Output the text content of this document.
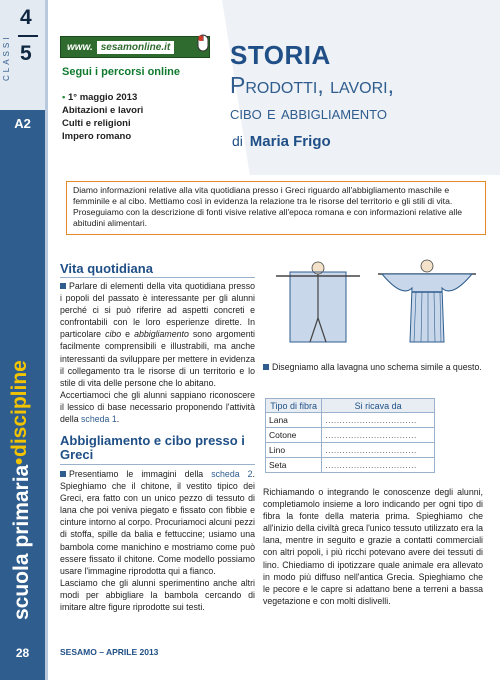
CLASSI
4
5
A2
scuola primaria
•
discipline
28
www. sesamonline.it
Segui i percorsi online
• 1° maggio 2013
Abitazioni e lavori
Culti e religioni
Impero romano
STORIA
Prodotti, lavori,
cibo e abbigliamento
di Maria Frigo

Diamo informazioni relative alla vita quotidiana presso i Greci riguardo all'abbigliamento maschile e femminile e al cibo. Mettiamo così in evidenza la relazione tra le risorse del territorio e gli stili di vita.

Proseguiamo con la descrizione di fonti visive relative all'epoca romana e con informazioni relative alle abitudini alimentari.

Vita quotidiana

Parlare di elementi della vita quotidiana presso i popoli del passato è interessante per gli alunni perché ci si può riferire ad aspetti concreti e confrontabili con le loro esperienze dirette. In particolare cibo e abbigliamento sono argomenti facilmente comprensibili e illustrabili, ma anche interessanti da sviluppare per mettere in evidenza il collegamento tra le risorse di un territorio e lo stile di vita delle persone che lo abitano.

Accertiamoci che gli alunni sappiano riconoscere il lessico di base necessario proponendo l'attività della scheda 1.

Abbigliamento e cibo presso i Greci

Presentiamo le immagini della scheda 2. Spieghiamo che il chitone, il vestito tipico dei Greci, era fatto con un unico pezzo di tessuto di lana che poi veniva piegato e fissato con fibbie e cinture intorno al corpo. Procuriamoci alcuni pezzi di stoffa, spille da balia e fettuccine; usiamo una bambola come manichino e mostriamo come può essere fissato il chitone. Come modello possiamo usare l'immagine riprodotta qui a fianco.

Lasciamo che gli alunni sperimentino anche altri modi per abbigliare la bambola cercando di imitare altre figure riprodotte sui testi.

Disegniamo alla lavagna uno schema simile a questo.
Tipo di fibra	Si ricava da
Lana	................................
Cotone	................................
Lino	................................
Seta	................................
Richiamando o integrando le conoscenze degli alunni, completiamolo insieme a loro indicando per ogni tipo di fibra la fonte della materia prima. Spieghiamo che all'inizio della civiltà greca l'unico tessuto utilizzato era la lana, mentre in seguito e grazie a contatti commerciali con altri popoli, i più ricchi potevano avere dei tessuti di lino. Chiediamo di ipotizzare quale animale era allevato in modo più diffuso nell'antica Grecia. Spieghiamo che le pecore e le capre si adattano bene a terreni a bassa vegetazione e con molti dislivelli.
SESAMO – APRILE 2013
